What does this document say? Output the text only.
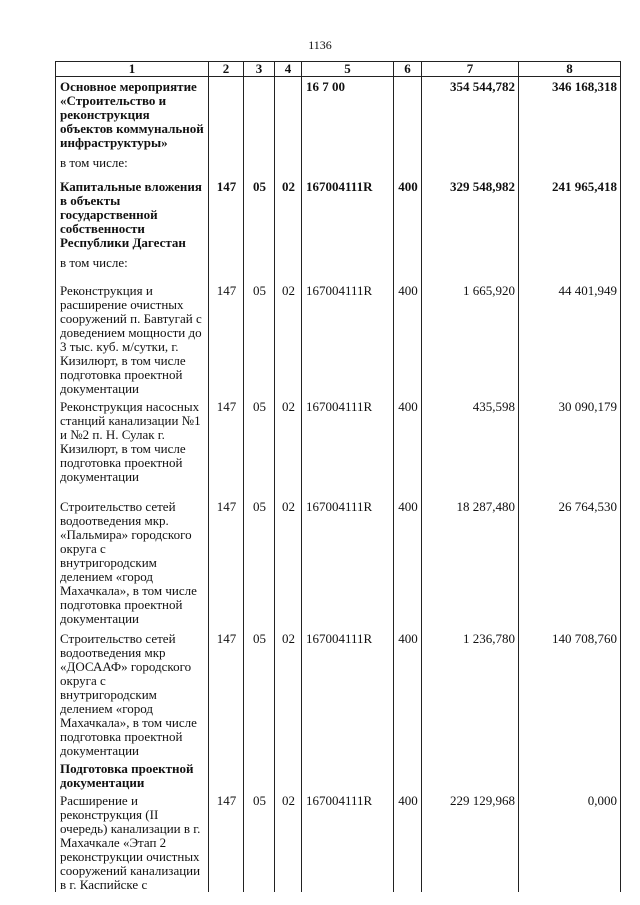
1136
1	2	3	4	5	6	7	8
Основное мероприятие «Строительство и реконструкция объектов коммунальной инфраструктуры»				16 7 00		354 544,782	346 168,318
в том числе:							
Капитальные вложения в объекты государственной собственности Республики Дагестан	147	05	02	167004111R	400	329 548,982	241 965,418
в том числе:							
Реконструкция и расширение очистных сооружений п. Бавтугай с доведением мощности до 3 тыс. куб. м/сутки, г. Кизилюрт, в том числе подготовка проектной документации	147	05	02	167004111R	400	1 665,920	44 401,949
Реконструкция насосных станций канализации №1 и №2 п. Н. Сулак г. Кизилюрт, в том числе подготовка проектной документации	147	05	02	167004111R	400	435,598	30 090,179
Строительство сетей водоотведения мкр. «Пальмира» городского округа с внутригородским делением «город Махачкала», в том числе подготовка проектной документации	147	05	02	167004111R	400	18 287,480	26 764,530
Строительство сетей водоотведения мкр «ДОСААФ» городского округа с внутригородским делением «город Махачкала», в том числе подготовка проектной документации	147	05	02	167004111R	400	1 236,780	140 708,760
Подготовка проектной документации							
Расширение и реконструкция (II очередь) канализации в г. Махачкале «Этап 2 реконструкции очистных сооружений канализации в г. Каспийске с	147	05	02	167004111R	400	229 129,968	0,000
